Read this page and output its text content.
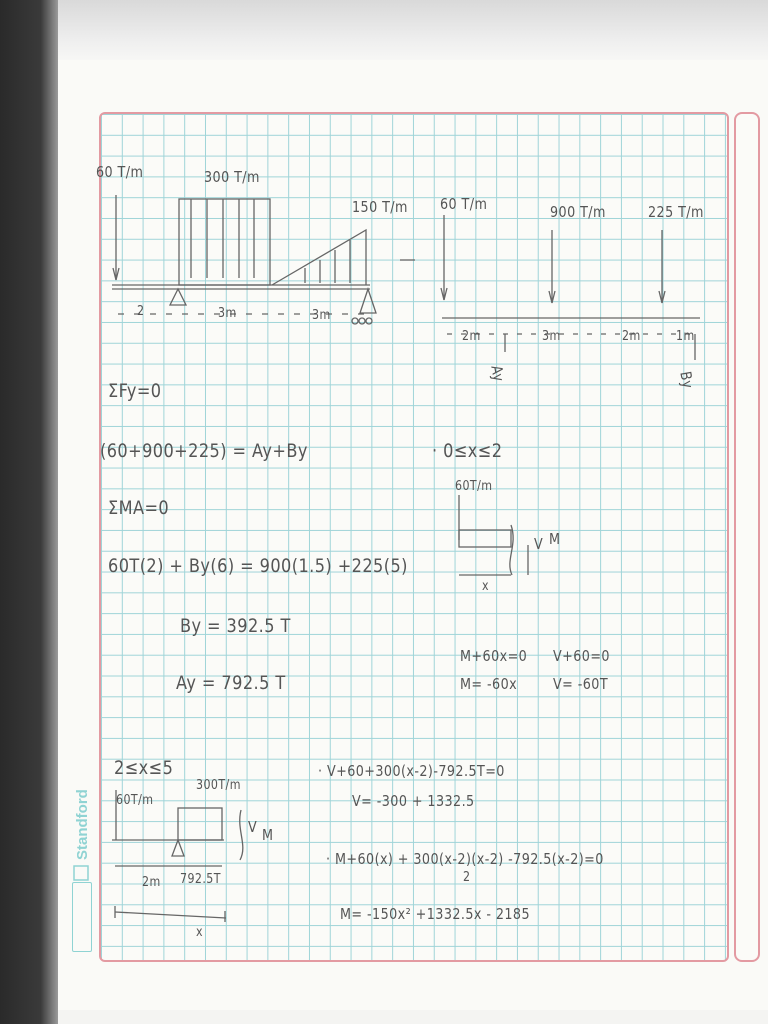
Standford
60 T/m	300 T/m
150 T/m
2	3m	3m
60 T/m	900 T/m	225 T/m
2m	3m	2m	1m
Ay	By
ΣFy=0
(60+900+225) = Ay+By
ΣMA=0
60T(2) + By(6) = 900(1.5) +225(5)
By = 392.5 T
Ay = 792.5 T
· 0≤x≤2
60T/m
x
V M
M+60x=0
M= -60x
V+60=0
V= -60T
2≤x≤5
60T/m
300T/m
2m 792.5T
x
V M
· V+60+300(x-2)-792.5T=0
V= -300 + 1332.5
· M+60(x) + 300(x-2)(x-2) -792.5(x-2)=0
2
M= -150x² +1332.5x - 2185
